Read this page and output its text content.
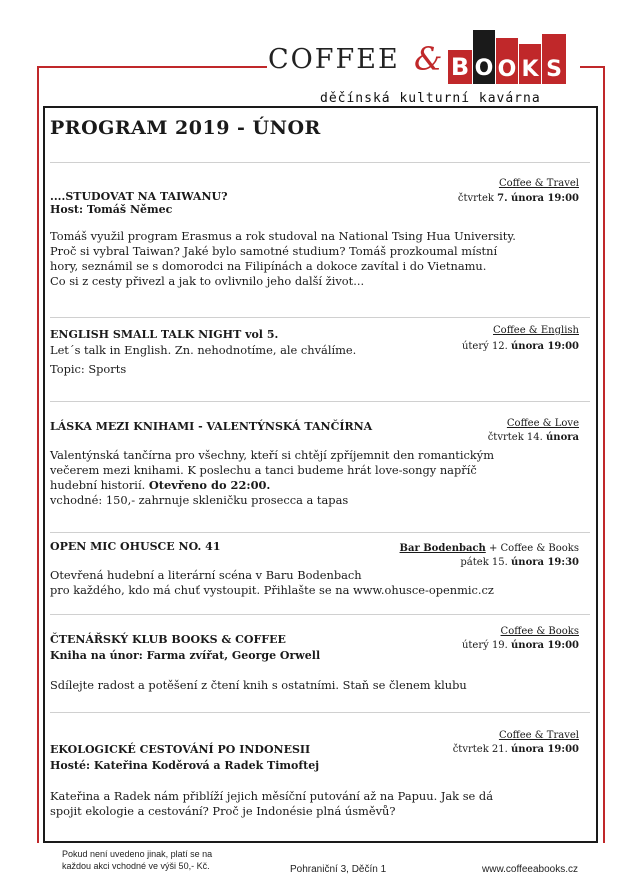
COFFEE & B O O K S
děčínská kulturní kavárna
PROGRAM 2019 - ÚNOR
Coffee & Travel
čtvrtek 7. února 19:00
....STUDOVAT NA TAIWANU?
Host: Tomáš Němec
Tomáš využil program Erasmus a rok studoval na National Tsing Hua University.
Proč si vybral Taiwan? Jaké bylo samotné studium? Tomáš prozkoumal místní
hory, seznámil se s domorodci na Filipínách a dokoce zavítal i do Vietnamu.
Co si z cesty přivezl a jak to ovlivnilo jeho další život...
Coffee & English
úterý 12. února 19:00
ENGLISH SMALL TALK NIGHT vol 5.
Let´s talk in English. Zn. nehodnotíme, ale chválíme.
Topic: Sports
Coffee & Love
čtvrtek 14. února
LÁSKA MEZI KNIHAMI - VALENTÝNSKÁ TANČÍRNA
Valentýnská tančírna pro všechny, kteří si chtějí zpříjemnit den romantickým
večerem mezi knihami. K poslechu a tanci budeme hrát love-songy napříč
hudební historií. Otevřeno do 22:00.
vchodné: 150,- zahrnuje skleničku prosecca a tapas
OPEN MIC OHUSCE NO. 41	Bar Bodenbach + Coffee & Books
pátek 15. února 19:30
Otevřená hudební a literární scéna v Baru Bodenbach
pro každého, kdo má chuť vystoupit. Přihlašte se na www.ohusce-openmic.cz
Coffee & Books
úterý 19. února 19:00
ČTENÁŘSKÝ KLUB BOOKS & COFFEE
Kniha na únor: Farma zvířat, George Orwell
Sdílejte radost a potěšení z čtení knih s ostatními. Staň se členem klubu
Coffee & Travel
čtvrtek 21. února 19:00
EKOLOGICKÉ CESTOVÁNÍ PO INDONESII
Hosté: Kateřina Koděrová a Radek Timoftej
Kateřina a Radek nám přiblíží jejich měsíční putování až na Papuu. Jak se dá
spojit ekologie a cestování? Proč je Indonésie plná úsměvů?
Pokud není uvedeno jinak, platí se na
každou akci vchodné ve výši 50,- Kč.	Pohraniční 3, Děčín 1	www.coffeeabooks.cz
